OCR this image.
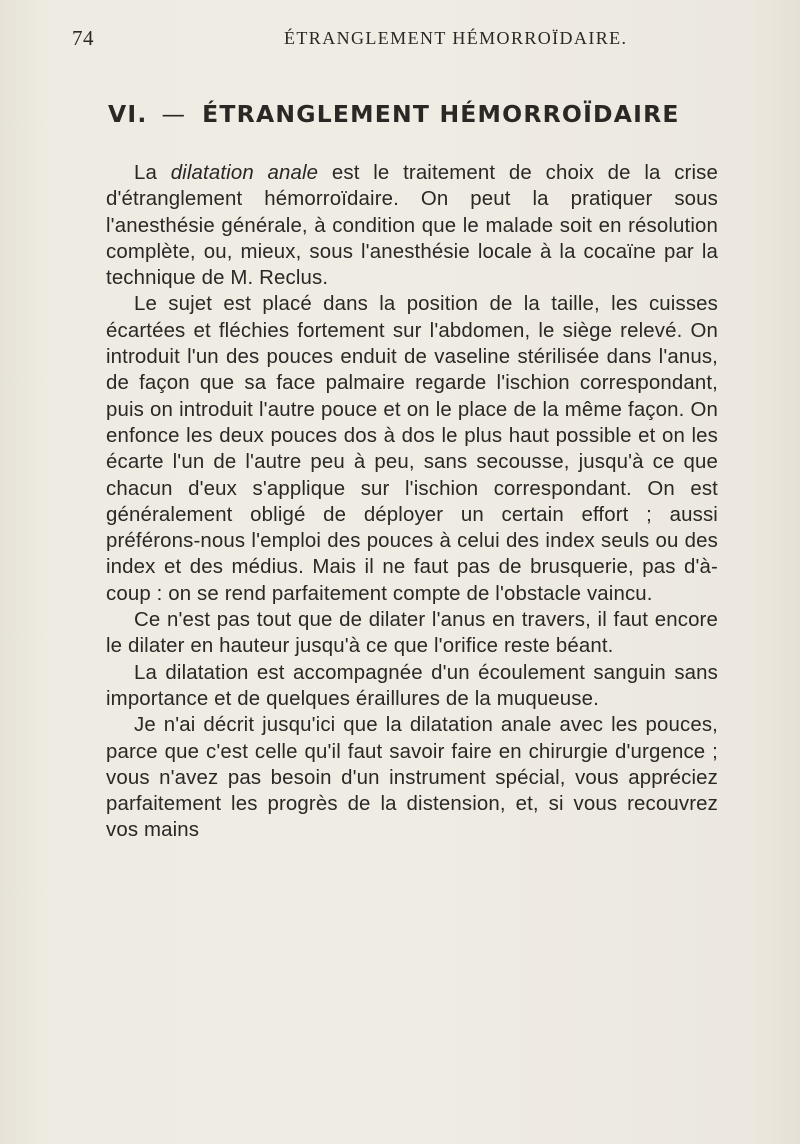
74	ÉTRANGLEMENT HÉMORROÏDAIRE.
VI. — ÉTRANGLEMENT HÉMORROÏDAIRE

La dilatation anale est le traitement de choix de la crise d'étranglement hémorroïdaire. On peut la pratiquer sous l'anesthésie générale, à condition que le malade soit en résolution complète, ou, mieux, sous l'anesthésie locale à la cocaïne par la technique de M. Reclus.

Le sujet est placé dans la position de la taille, les cuisses écartées et fléchies fortement sur l'abdomen, le siège relevé. On introduit l'un des pouces enduit de vaseline stérilisée dans l'anus, de façon que sa face palmaire regarde l'ischion correspondant, puis on introduit l'autre pouce et on le place de la même façon. On enfonce les deux pouces dos à dos le plus haut possible et on les écarte l'un de l'autre peu à peu, sans secousse, jusqu'à ce que chacun d'eux s'applique sur l'ischion correspondant. On est généralement obligé de déployer un certain effort ; aussi préférons-nous l'emploi des pouces à celui des index seuls ou des index et des médius. Mais il ne faut pas de brusquerie, pas d'à-coup : on se rend parfaitement compte de l'obstacle vaincu.

Ce n'est pas tout que de dilater l'anus en travers, il faut encore le dilater en hauteur jusqu'à ce que l'orifice reste béant.

La dilatation est accompagnée d'un écoulement sanguin sans importance et de quelques éraillures de la muqueuse.

Je n'ai décrit jusqu'ici que la dilatation anale avec les pouces, parce que c'est celle qu'il faut savoir faire en chirurgie d'urgence ; vous n'avez pas besoin d'un instrument spécial, vous appréciez parfaitement les progrès de la distension, et, si vous recouvrez vos mains
